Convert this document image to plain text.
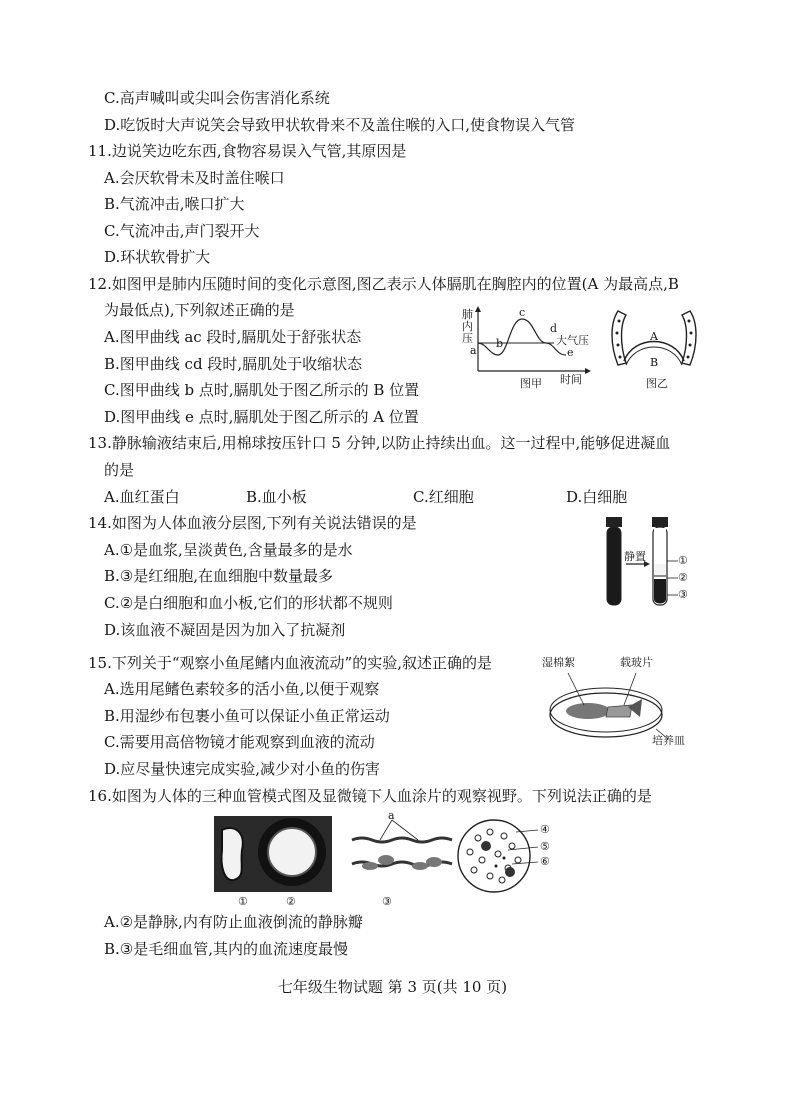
C.高声喊叫或尖叫会伤害消化系统
D.吃饭时大声说笑会导致甲状软骨来不及盖住喉的入口,使食物误入气管
11.边说笑边吃东西,食物容易误入气管,其原因是
A.会厌软骨未及时盖住喉口
B.气流冲击,喉口扩大
C.气流冲击,声门裂开大
D.环状软骨扩大
12.如图甲是肺内压随时间的变化示意图,图乙表示人体膈肌在胸腔内的位置(A 为最高点,B
为最低点),下列叙述正确的是
A.图甲曲线 ac 段时,膈肌处于舒张状态
B.图甲曲线 cd 段时,膈肌处于收缩状态
C.图甲曲线 b 点时,膈肌处于图乙所示的 B 位置
D.图甲曲线 e 点时,膈肌处于图乙所示的 A 位置
肺
内
压
a
b
c
d
e
大气压
时间
图甲
A
B
图乙
13.静脉输液结束后,用棉球按压针口 5 分钟,以防止持续出血。这一过程中,能够促进凝血
的是
A.血红蛋白	B.血小板	C.红细胞	D.白细胞
14.如图为人体血液分层图,下列有关说法错误的是
A.①是血浆,呈淡黄色,含量最多的是水
B.③是红细胞,在血细胞中数量最多
C.②是白细胞和血小板,它们的形状都不规则
D.该血液不凝固是因为加入了抗凝剂
静置	①
②
③
15.下列关于“观察小鱼尾鳍内血液流动”的实验,叙述正确的是
A.选用尾鳍色素较多的活小鱼,以便于观察
B.用湿纱布包裹小鱼可以保证小鱼正常运动
C.需要用高倍物镜才能观察到血液的流动
D.应尽量快速完成实验,减少对小鱼的伤害
湿棉絮	载玻片
培养皿
16.如图为人体的三种血管模式图及显微镜下人血涂片的观察视野。下列说法正确的是
①	②	③
a
④
⑤
⑥
A.②是静脉,内有防止血液倒流的静脉瓣
B.③是毛细血管,其内的血流速度最慢
七年级生物试题 第 3 页(共 10 页)
